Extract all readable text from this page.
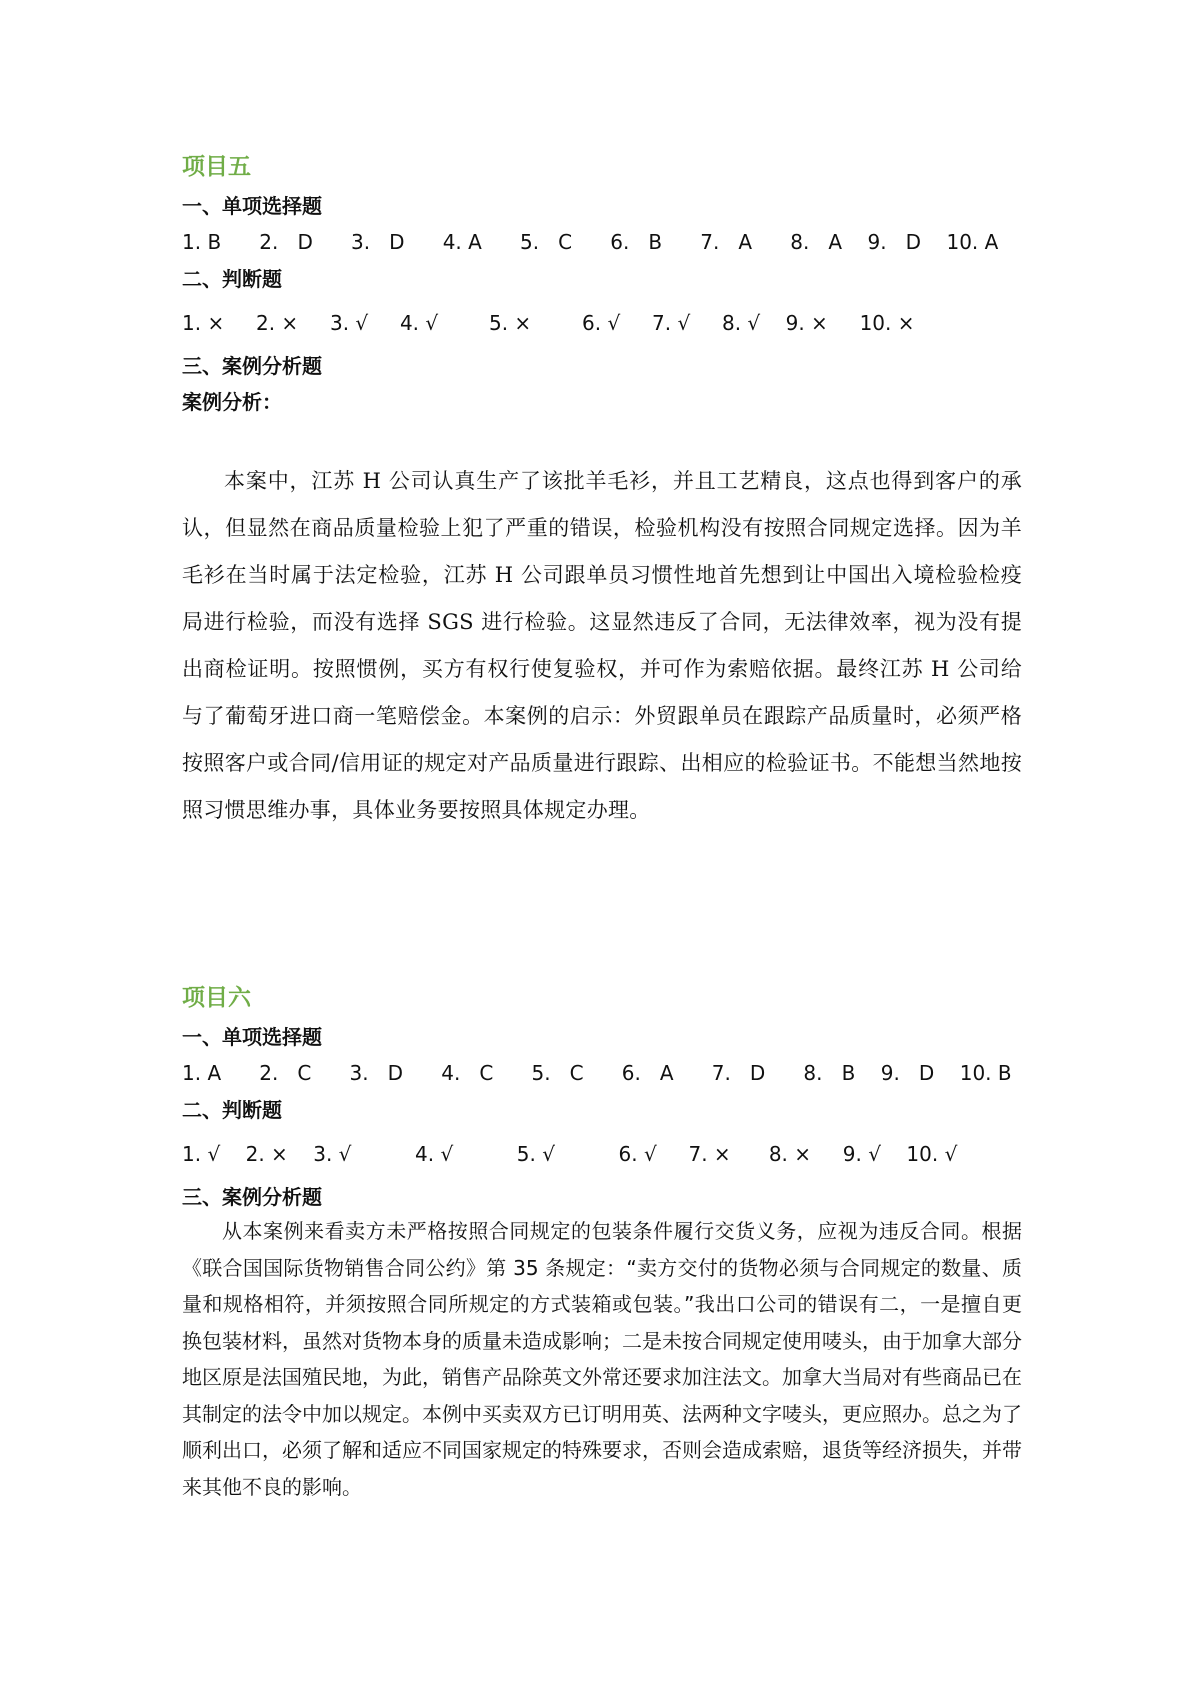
项目五
一、单项选择题
1. B      2.   D      3.   D      4. A      5.   C      6.   B      7.   A      8.   A    9.   D    10. A
二、判断题
1. ×     2. ×     3. √     4. √        5. ×        6. √     7. √     8. √    9. ×     10. ×
三、案例分析题
案例分析：

本案中，江苏 H 公司认真生产了该批羊毛衫，并且工艺精良，这点也得到客户的承认，但显然在商品质量检验上犯了严重的错误，检验机构没有按照合同规定选择。因为羊毛衫在当时属于法定检验，江苏 H 公司跟单员习惯性地首先想到让中国出入境检验检疫局进行检验，而没有选择 SGS 进行检验。这显然违反了合同，无法律效率，视为没有提出商检证明。按照惯例，买方有权行使复验权，并可作为索赔依据。最终江苏 H 公司给与了葡萄牙进口商一笔赔偿金。本案例的启示：外贸跟单员在跟踪产品质量时，必须严格按照客户或合同/信用证的规定对产品质量进行跟踪、出相应的检验证书。不能想当然地按照习惯思维办事，具体业务要按照具体规定办理。

项目六
一、单项选择题
1. A      2.   C      3.   D      4.   C      5.   C      6.   A      7.   D      8.   B    9.   D    10. B
二、判断题
1. √    2. ×    3. √          4. √          5. √          6. √     7. ×      8. ×     9. √    10. √
三、案例分析题

从本案例来看卖方未严格按照合同规定的包装条件履行交货义务，应视为违反合同。根据《联合国国际货物销售合同公约》第 35 条规定：“卖方交付的货物必须与合同规定的数量、质量和规格相符，并须按照合同所规定的方式装箱或包装。”我出口公司的错误有二，一是擅自更换包装材料，虽然对货物本身的质量未造成影响；二是未按合同规定使用唛头，由于加拿大部分地区原是法国殖民地，为此，销售产品除英文外常还要求加注法文。加拿大当局对有些商品已在其制定的法令中加以规定。本例中买卖双方已订明用英、法两种文字唛头，更应照办。总之为了顺利出口，必须了解和适应不同国家规定的特殊要求，否则会造成索赔，退货等经济损失，并带来其他不良的影响。
